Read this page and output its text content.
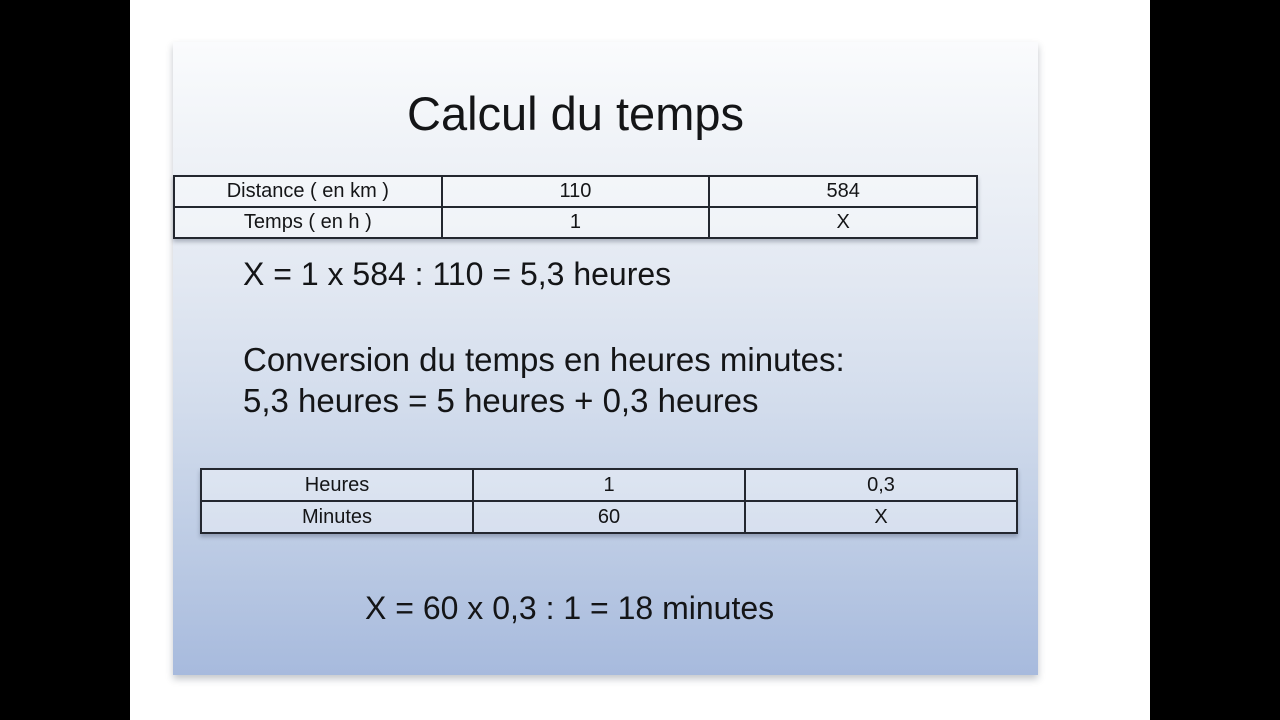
Calcul du temps
Distance ( en km )	110	584
Temps ( en h )	1	X

X = 1 x 584 : 110 = 5,3 heures

Conversion du temps en heures minutes:
5,3 heures = 5 heures + 0,3 heures
Heures	1	0,3
Minutes	60	X

X = 60 x 0,3 : 1 = 18 minutes
